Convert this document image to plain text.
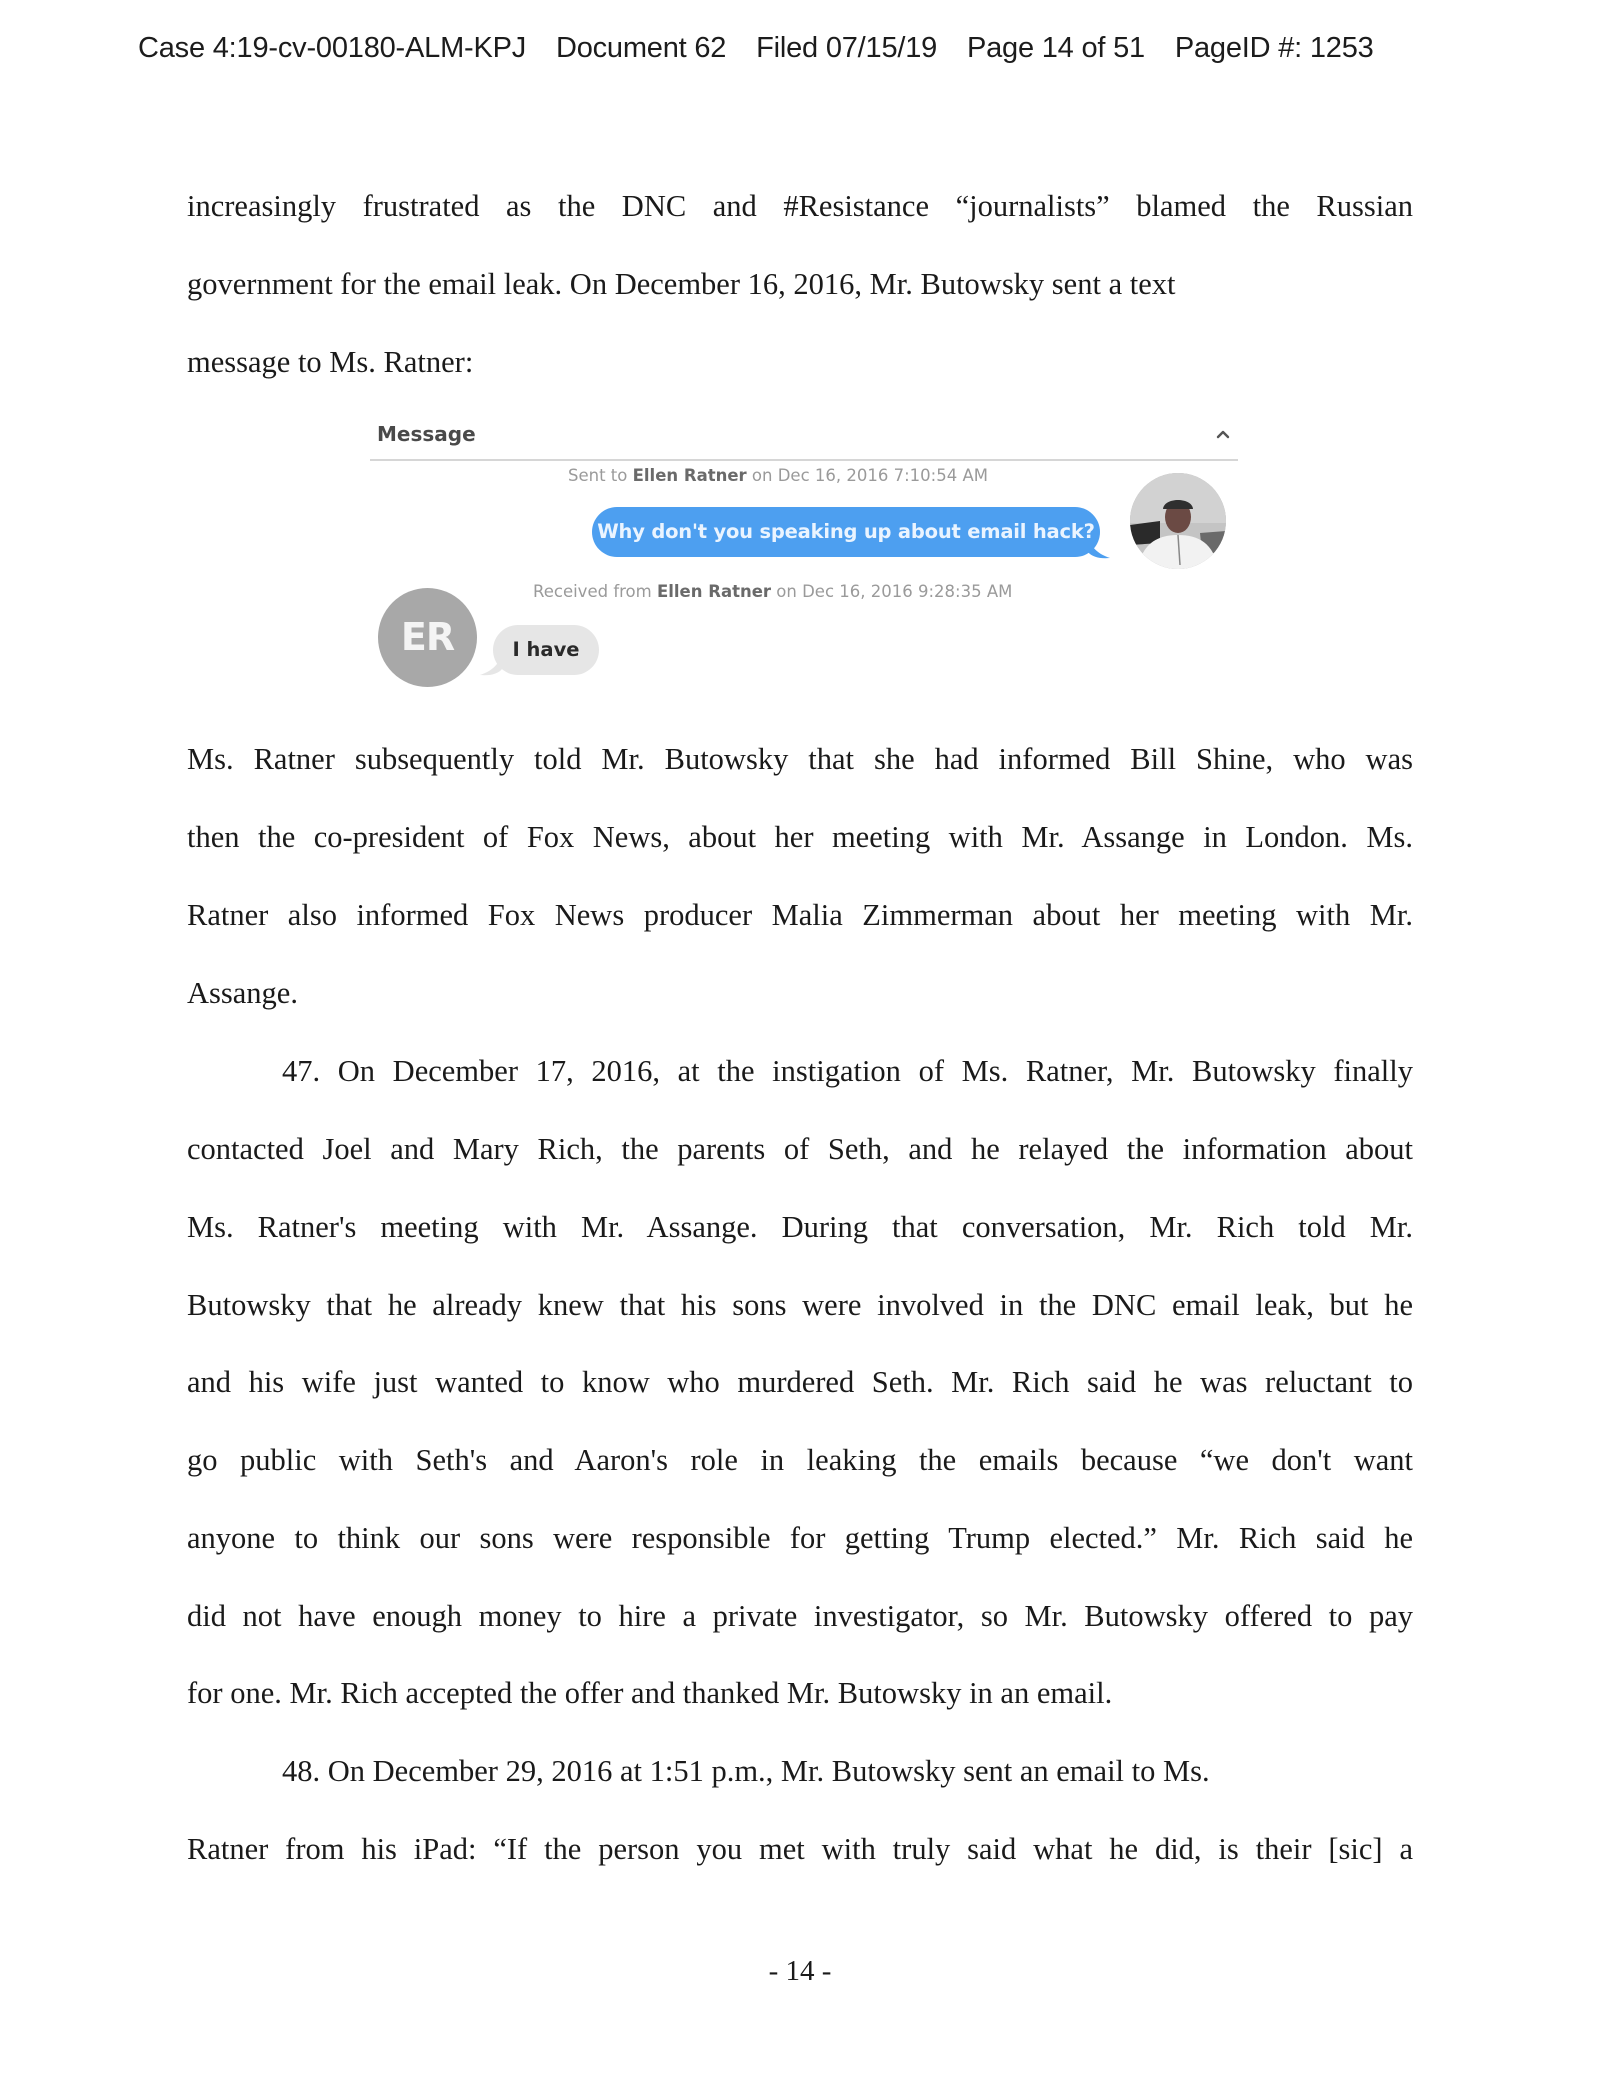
Case 4:19-cv-00180-ALM-KPJ Document 62 Filed 07/15/19 Page 14 of 51 PageID #: 1253
increasingly frustrated as the DNC and #Resistance “journalists” blamed the Russian
government for the email leak. On December 16, 2016, Mr. Butowsky sent a text
message to Ms. Ratner:
Message
Sent to Ellen Ratner on Dec 16, 2016 7:10:54 AM
Why don't you speaking up about email hack?
Received from Ellen Ratner on Dec 16, 2016 9:28:35 AM
ER	I have
Ms. Ratner subsequently told Mr. Butowsky that she had informed Bill Shine, who was
then the co-president of Fox News, about her meeting with Mr. Assange in London. Ms.
Ratner also informed Fox News producer Malia Zimmerman about her meeting with Mr.
Assange.
47. On December 17, 2016, at the instigation of Ms. Ratner, Mr. Butowsky finally
contacted Joel and Mary Rich, the parents of Seth, and he relayed the information about
Ms. Ratner's meeting with Mr. Assange. During that conversation, Mr. Rich told Mr.
Butowsky that he already knew that his sons were involved in the DNC email leak, but he
and his wife just wanted to know who murdered Seth. Mr. Rich said he was reluctant to
go public with Seth's and Aaron's role in leaking the emails because “we don't want
anyone to think our sons were responsible for getting Trump elected.” Mr. Rich said he
did not have enough money to hire a private investigator, so Mr. Butowsky offered to pay
for one. Mr. Rich accepted the offer and thanked Mr. Butowsky in an email.
48. On December 29, 2016 at 1:51 p.m., Mr. Butowsky sent an email to Ms.
Ratner from his iPad: “If the person you met with truly said what he did, is their [sic] a
- 14 -
